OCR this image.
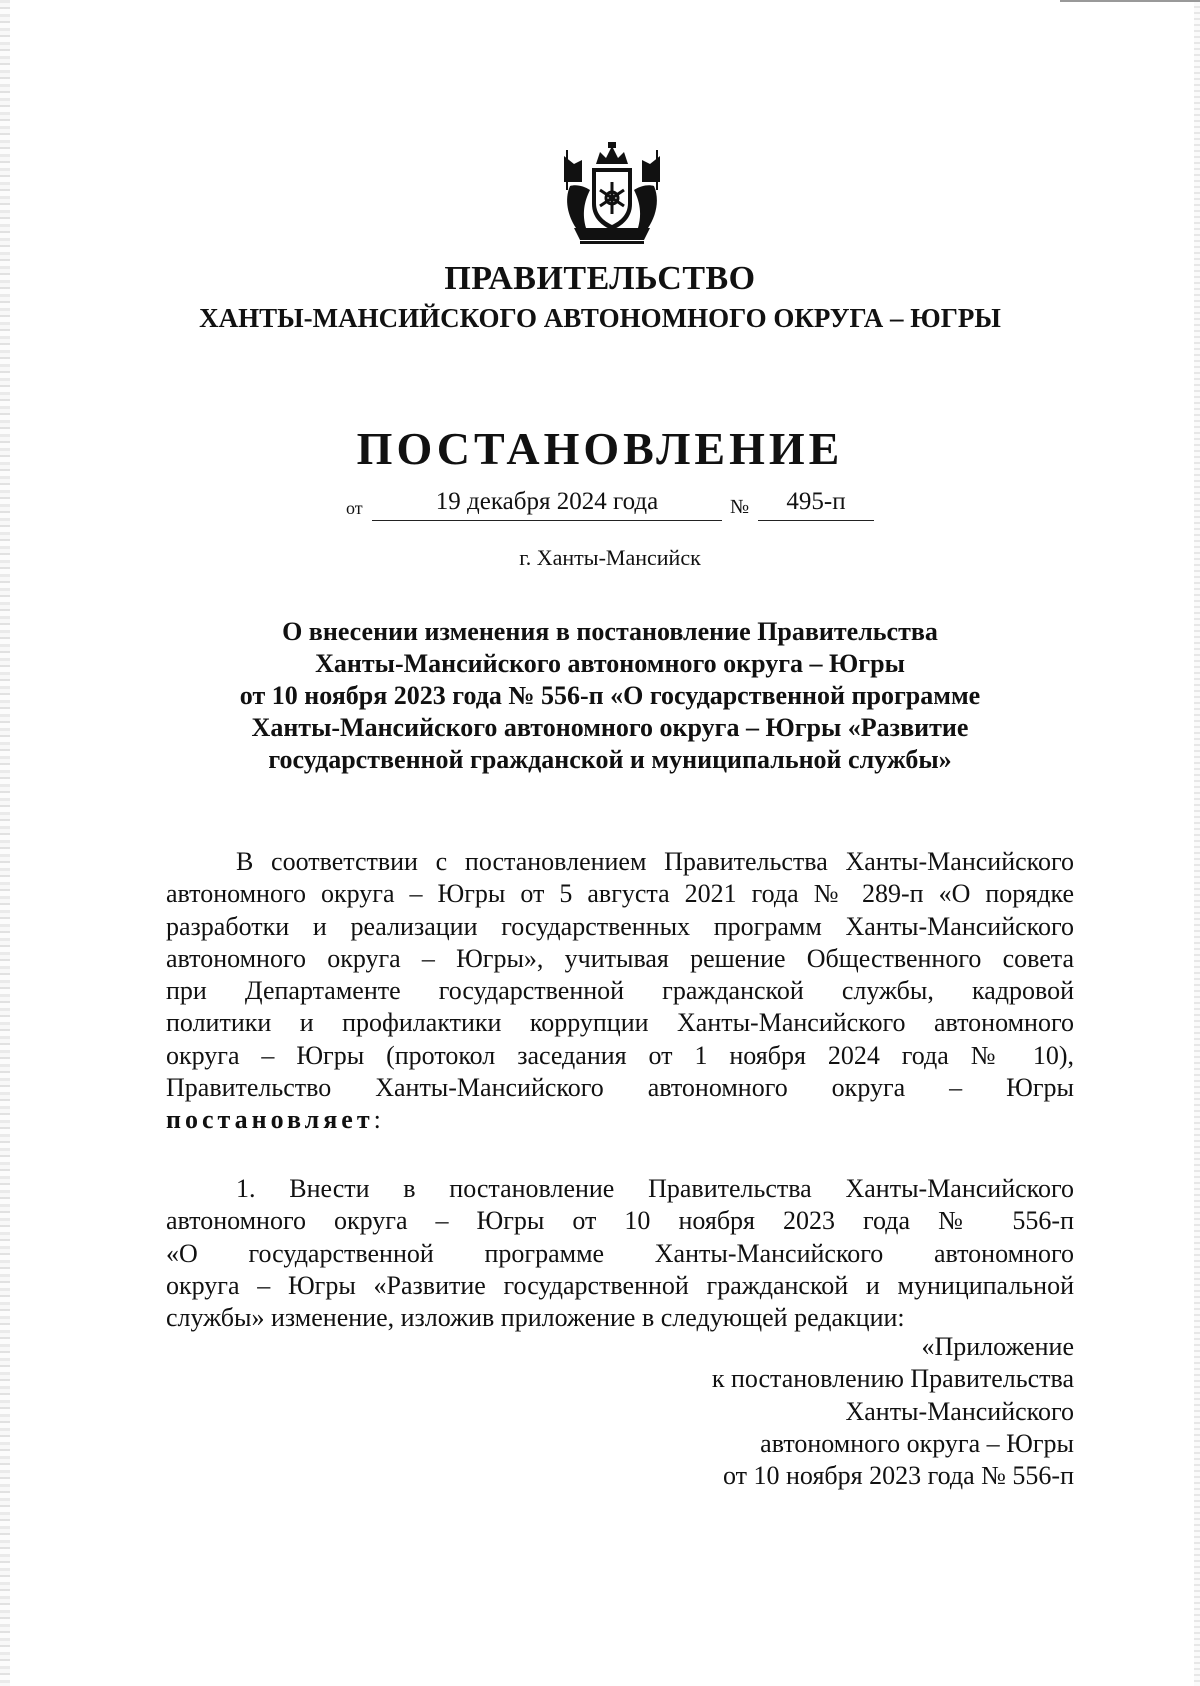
ПРАВИТЕЛЬСТВО
ХАНТЫ-МАНСИЙСКОГО АВТОНОМНОГО ОКРУГА – ЮГРЫ
ПОСТАНОВЛЕНИЕ
от	19 декабря 2024 года	№	495-п
г. Ханты-Мансийск
О внесении изменения в постановление Правительства
Ханты-Мансийского автономного округа – Югры
от 10 ноября 2023 года № 556-п «О государственной программе
Ханты-Мансийского автономного округа – Югры «Развитие
государственной гражданской и муниципальной службы»
В соответствии с постановлением Правительства Ханты-Мансийского
автономного округа – Югры от 5 августа 2021 года № 289-п «О порядке
разработки и реализации государственных программ Ханты-Мансийского
автономного округа – Югры», учитывая решение Общественного совета
при Департаменте государственной гражданской службы, кадровой
политики и профилактики коррупции Ханты-Мансийского автономного
округа – Югры (протокол заседания от 1 ноября 2024 года № 10),
Правительство Ханты-Мансийского автономного округа – Югры
постановляет:
1. Внести в постановление Правительства Ханты-Мансийского
автономного округа – Югры от 10 ноября 2023 года № 556-п
«О государственной программе Ханты-Мансийского автономного
округа – Югры «Развитие государственной гражданской и муниципальной
службы» изменение, изложив приложение в следующей редакции:
«Приложение
к постановлению Правительства
Ханты-Мансийского
автономного округа – Югры
от 10 ноября 2023 года № 556-п
